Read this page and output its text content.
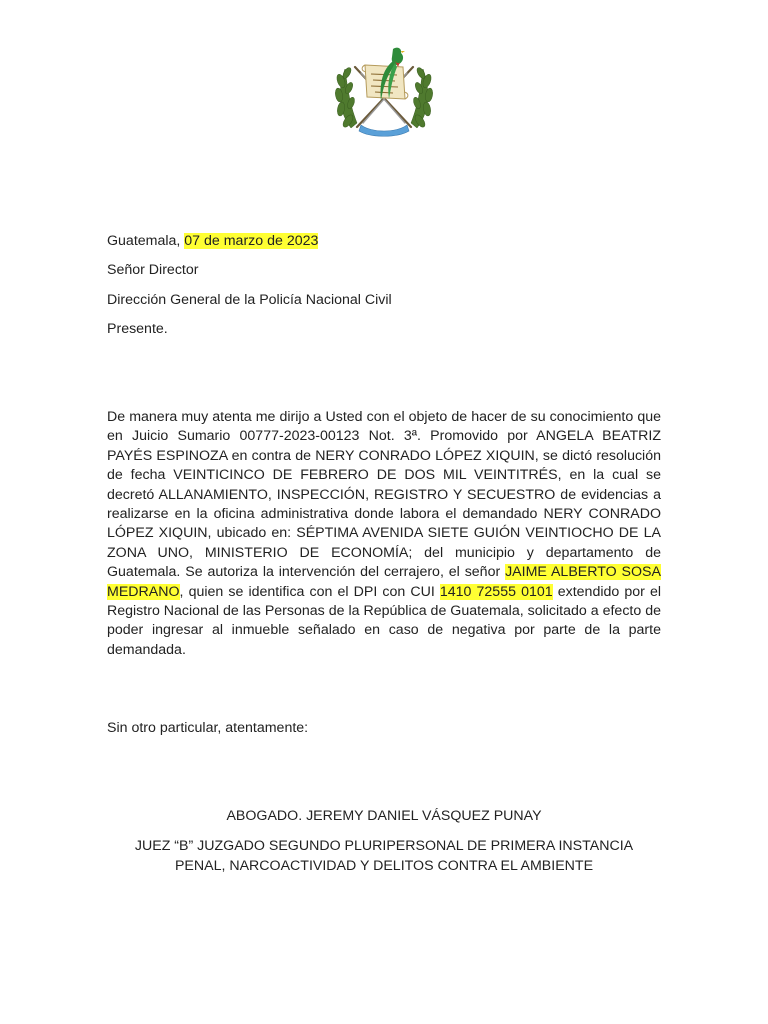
Guatemala, 07 de marzo de 2023
Señor Director
Dirección General de la Policía Nacional Civil
Presente.

De manera muy atenta me dirijo a Usted con el objeto de hacer de su conocimiento que en Juicio Sumario 00777-2023-00123 Not. 3ª. Promovido por ANGELA BEATRIZ PAYÉS ESPINOZA en contra de NERY CONRADO LÓPEZ XIQUIN, se dictó resolución de fecha VEINTICINCO DE FEBRERO DE DOS MIL VEINTITRÉS, en la cual se decretó ALLANAMIENTO, INSPECCIÓN, REGISTRO Y SECUESTRO de evidencias a realizarse en la oficina administrativa donde labora el demandado NERY CONRADO LÓPEZ XIQUIN, ubicado en: SÉPTIMA AVENIDA SIETE GUIÓN VEINTIOCHO DE LA ZONA UNO, MINISTERIO DE ECONOMÍA; del municipio y departamento de Guatemala. Se autoriza la intervención del cerrajero, el señor JAIME ALBERTO SOSA MEDRANO, quien se identifica con el DPI con CUI 1410 72555 0101 extendido por el Registro Nacional de las Personas de la República de Guatemala, solicitado a efecto de poder ingresar al inmueble señalado en caso de negativa por parte de la parte demandada.

Sin otro particular, atentamente:
ABOGADO. JEREMY DANIEL VÁSQUEZ PUNAY
JUEZ “B” JUZGADO SEGUNDO PLURIPERSONAL DE PRIMERA INSTANCIA
PENAL, NARCOACTIVIDAD Y DELITOS CONTRA EL AMBIENTE
